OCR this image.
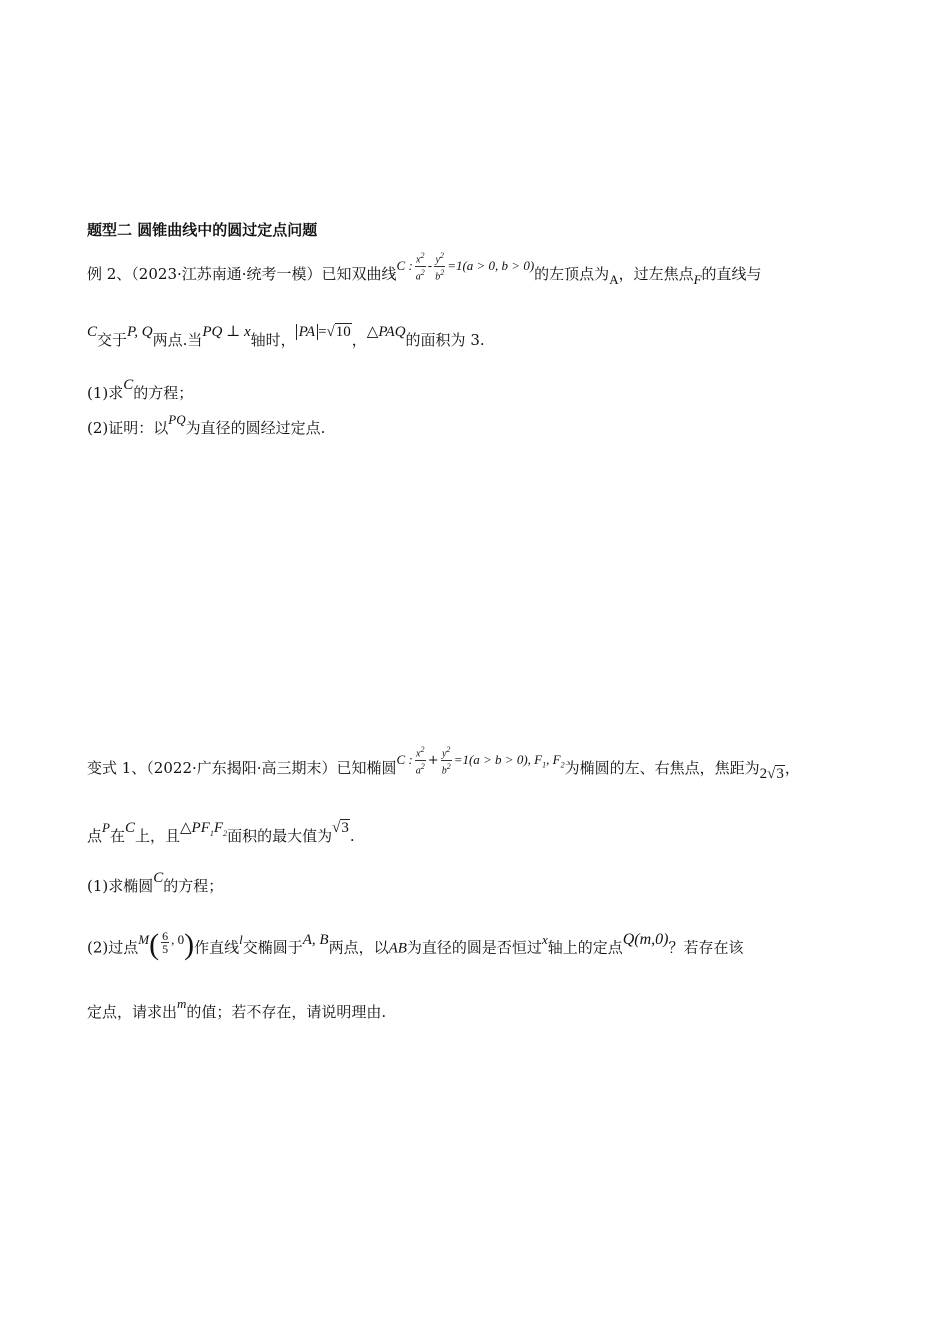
题型二 圆锥曲线中的圆过定点问题
例 2、（2023·江苏南通·统考一模）已知双曲线C : $\frac{x^2}{a^2} - \frac{y^2}{b^2} =1(a > 0$, b > 0)的左顶点为A，过左焦点F的直线与
C交于P, Q两点.当PQ ⊥ x轴时， PA =√10，△PAQ的面积为 3.
(1)求C的方程；
(2)证明：以PQ为直径的圆经过定点.
变式 1、（2022·广东揭阳·高三期末）已知椭圆C : $\frac{x^2}{a^2} + \frac{y^2}{b^2} =1(a > b > 0)$, $F_1$, $F_2$为椭圆的左、右焦点，焦距为2√3，
点P在C上，且$\triangle PF_1F_2$面积的最大值为√3.
(1)求椭圆C的方程；
(2)过点$M( \frac{6}{5}$ , 0)作直线l交椭圆于A, B两点，以AB为直径的圆是否恒过x轴上的定点Q(m,0)？若存在该
定点，请求出m的值；若不存在，请说明理由.
